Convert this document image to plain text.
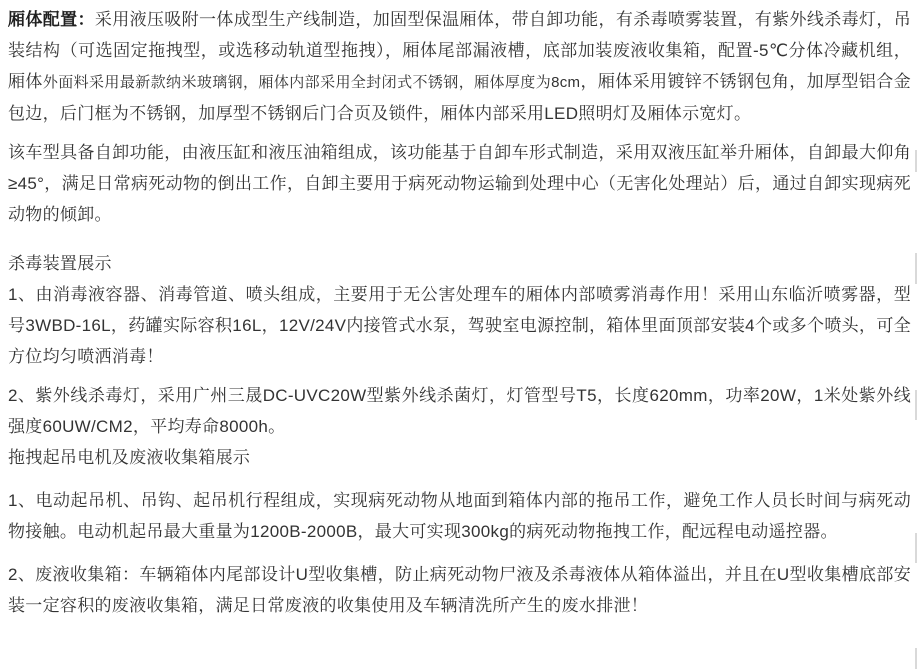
厢体配置：采用液压吸附一体成型生产线制造，加固型保温厢体，带自卸功能，有杀毒喷雾装置，有紫外线杀毒灯，吊装结构（可选固定拖拽型，或选移动轨道型拖拽），厢体尾部漏液槽，底部加装废液收集箱，配置-5℃分体冷藏机组，厢体外面料采用最新款纳米玻璃钢，厢体内部采用全封闭式不锈钢，厢体厚度为8cm，厢体采用镀锌不锈钢包角，加厚型铝合金包边，后门框为不锈钢，加厚型不锈钢后门合页及锁件，厢体内部采用LED照明灯及厢体示宽灯。

该车型具备自卸功能，由液压缸和液压油箱组成，该功能基于自卸车形式制造，采用双液压缸举升厢体，自卸最大仰角≥45°，满足日常病死动物的倒出工作，自卸主要用于病死动物运输到处理中心（无害化处理站）后，通过自卸实现病死动物的倾卸。

杀毒装置展示

1、由消毒液容器、消毒管道、喷头组成，主要用于无公害处理车的厢体内部喷雾消毒作用！采用山东临沂喷雾器，型号3WBD-16L，药罐实际容积16L，12V/24V内接管式水泵，驾驶室电源控制，箱体里面顶部安装4个或多个喷头，可全方位均匀喷洒消毒！

2、紫外线杀毒灯，采用广州三晟DC-UVC20W型紫外线杀菌灯，灯管型号T5，长度620mm，功率20W，1米处紫外线强度60UW/CM2，平均寿命8000h。

拖拽起吊电机及废液收集箱展示

1、电动起吊机、吊钩、起吊机行程组成，实现病死动物从地面到箱体内部的拖吊工作，避免工作人员长时间与病死动物接触。电动机起吊最大重量为1200B-2000B，最大可实现300kg的病死动物拖拽工作，配远程电动遥控器。

2、废液收集箱：车辆箱体内尾部设计U型收集槽，防止病死动物尸液及杀毒液体从箱体溢出，并且在U型收集槽底部安装一定容积的废液收集箱，满足日常废液的收集使用及车辆清洗所产生的废水排泄！
